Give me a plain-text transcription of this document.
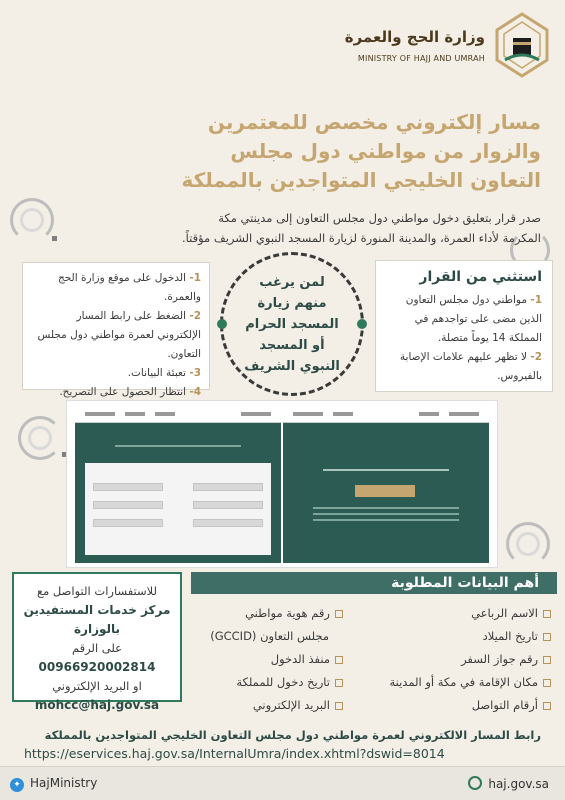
وزارة الحج والعمرة
MINISTRY OF HAJJ AND UMRAH
مسار إلكتروني مخصص للمعتمرين
والزوار من مواطني دول مجلس
التعاون الخليجي المتواجدين بالمملكة
صدر قرار بتعليق دخول مواطني دول مجلس التعاون إلى مدينتي مكة
المكرمة لأداء العمرة، والمدينة المنورة لزيارة المسجد النبوي الشريف مؤقتاً.
استثني من القرار

1- مواطني دول مجلس التعاون الذين مضى على تواجدهم في المملكة 14 يوماً متصلة.

2- لا تظهر عليهم علامات الإصابة بالفيروس.

لمن يرغب
منهم زيارة
المسجد الحرام
أو المسجد
النبوي الشريف

1- الدخول على موقع وزارة الحج والعمرة.

2- الضغط على رابط المسار الإلكتروني لعمرة مواطني دول مجلس التعاون.

3- تعبئة البيانات.

4- انتظار الحصول على التصريح.

للاستفسارات التواصل مع
مركز خدمات المستفيدين بالوزارة
على الرقم
00966920002814
او البريد الإلكتروني
mohcc@haj.gov.sa
أهم البيانات المطلوبة
الاسم الرباعي
تاريخ الميلاد
رقم جواز السفر
مكان الإقامة في مكة أو المدينة
أرقام التواصل
رقم هوية مواطني
مجلس التعاون (GCCID)
منفذ الدخول
تاريخ دخول للمملكة
البريد الإلكتروني
رابط المسار الالكتروني لعمرة مواطني دول مجلس التعاون الخليجي المتواجدين بالمملكة
https://eservices.haj.gov.sa/InternalUmra/index.xhtml?dswid=8014
✦ HajMinistry	haj.gov.sa
